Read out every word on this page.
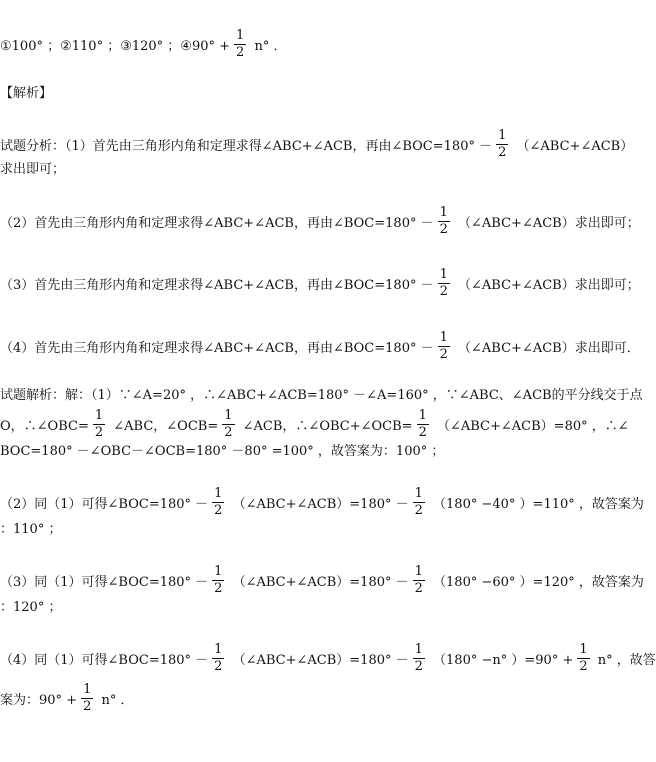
①100° ；②110° ；③120° ；④90° + $\frac{1}{2} n^\circ$ ．
【解析】
试题分析：（1）首先由三角形内角和定理求得∠ABC+∠ACB，再由∠BOC=180° － $\frac{1}{2}$ （∠ABC+∠ACB）
求出即可；
（2）首先由三角形内角和定理求得∠ABC+∠ACB，再由∠BOC=180° － $\frac{1}{2}$ （∠ABC+∠ACB）求出即可；
（3）首先由三角形内角和定理求得∠ABC+∠ACB，再由∠BOC=180° － $\frac{1}{2}$ （∠ABC+∠ACB）求出即可；
（4）首先由三角形内角和定理求得∠ABC+∠ACB，再由∠BOC=180° － $\frac{1}{2}$ （∠ABC+∠ACB）求出即可．
试题解析：解：（1）∵∠A=20° ，∴∠ABC+∠ACB=180° －∠A=160° ，∵∠ABC、∠ACB的平分线交于点
O，∴∠OBC= $\frac{1}{2}$ ∠ABC，∠OCB= $\frac{1}{2}$ ∠ACB，∴∠OBC+∠OCB= $\frac{1}{2}$ （∠ABC+∠ACB）=80° ，∴∠
BOC=180° －∠OBC－∠OCB=180° －80° =100° ，故答案为：100° ；
（2）同（1）可得∠BOC=180° － $\frac{1}{2}$ （∠ABC+∠ACB）=180° － $\frac{1}{2} (180^\circ -40^\circ$ ）=110° ，故答案为
：110° ；
（3）同（1）可得∠BOC=180° － $\frac{1}{2}$ （∠ABC+∠ACB）=180° － $\frac{1}{2} (180^\circ -60^\circ$ ）=120° ，故答案为
：120° ；
（4）同（1）可得∠BOC=180° － $\frac{1}{2}$ （∠ABC+∠ACB）=180° － $\frac{1}{2} (180^\circ -n^\circ$ ）$=90^\circ + \frac{1}{2} n^\circ$ ，故答
案为：$90^\circ + \frac{1}{2} n^\circ$ ．
